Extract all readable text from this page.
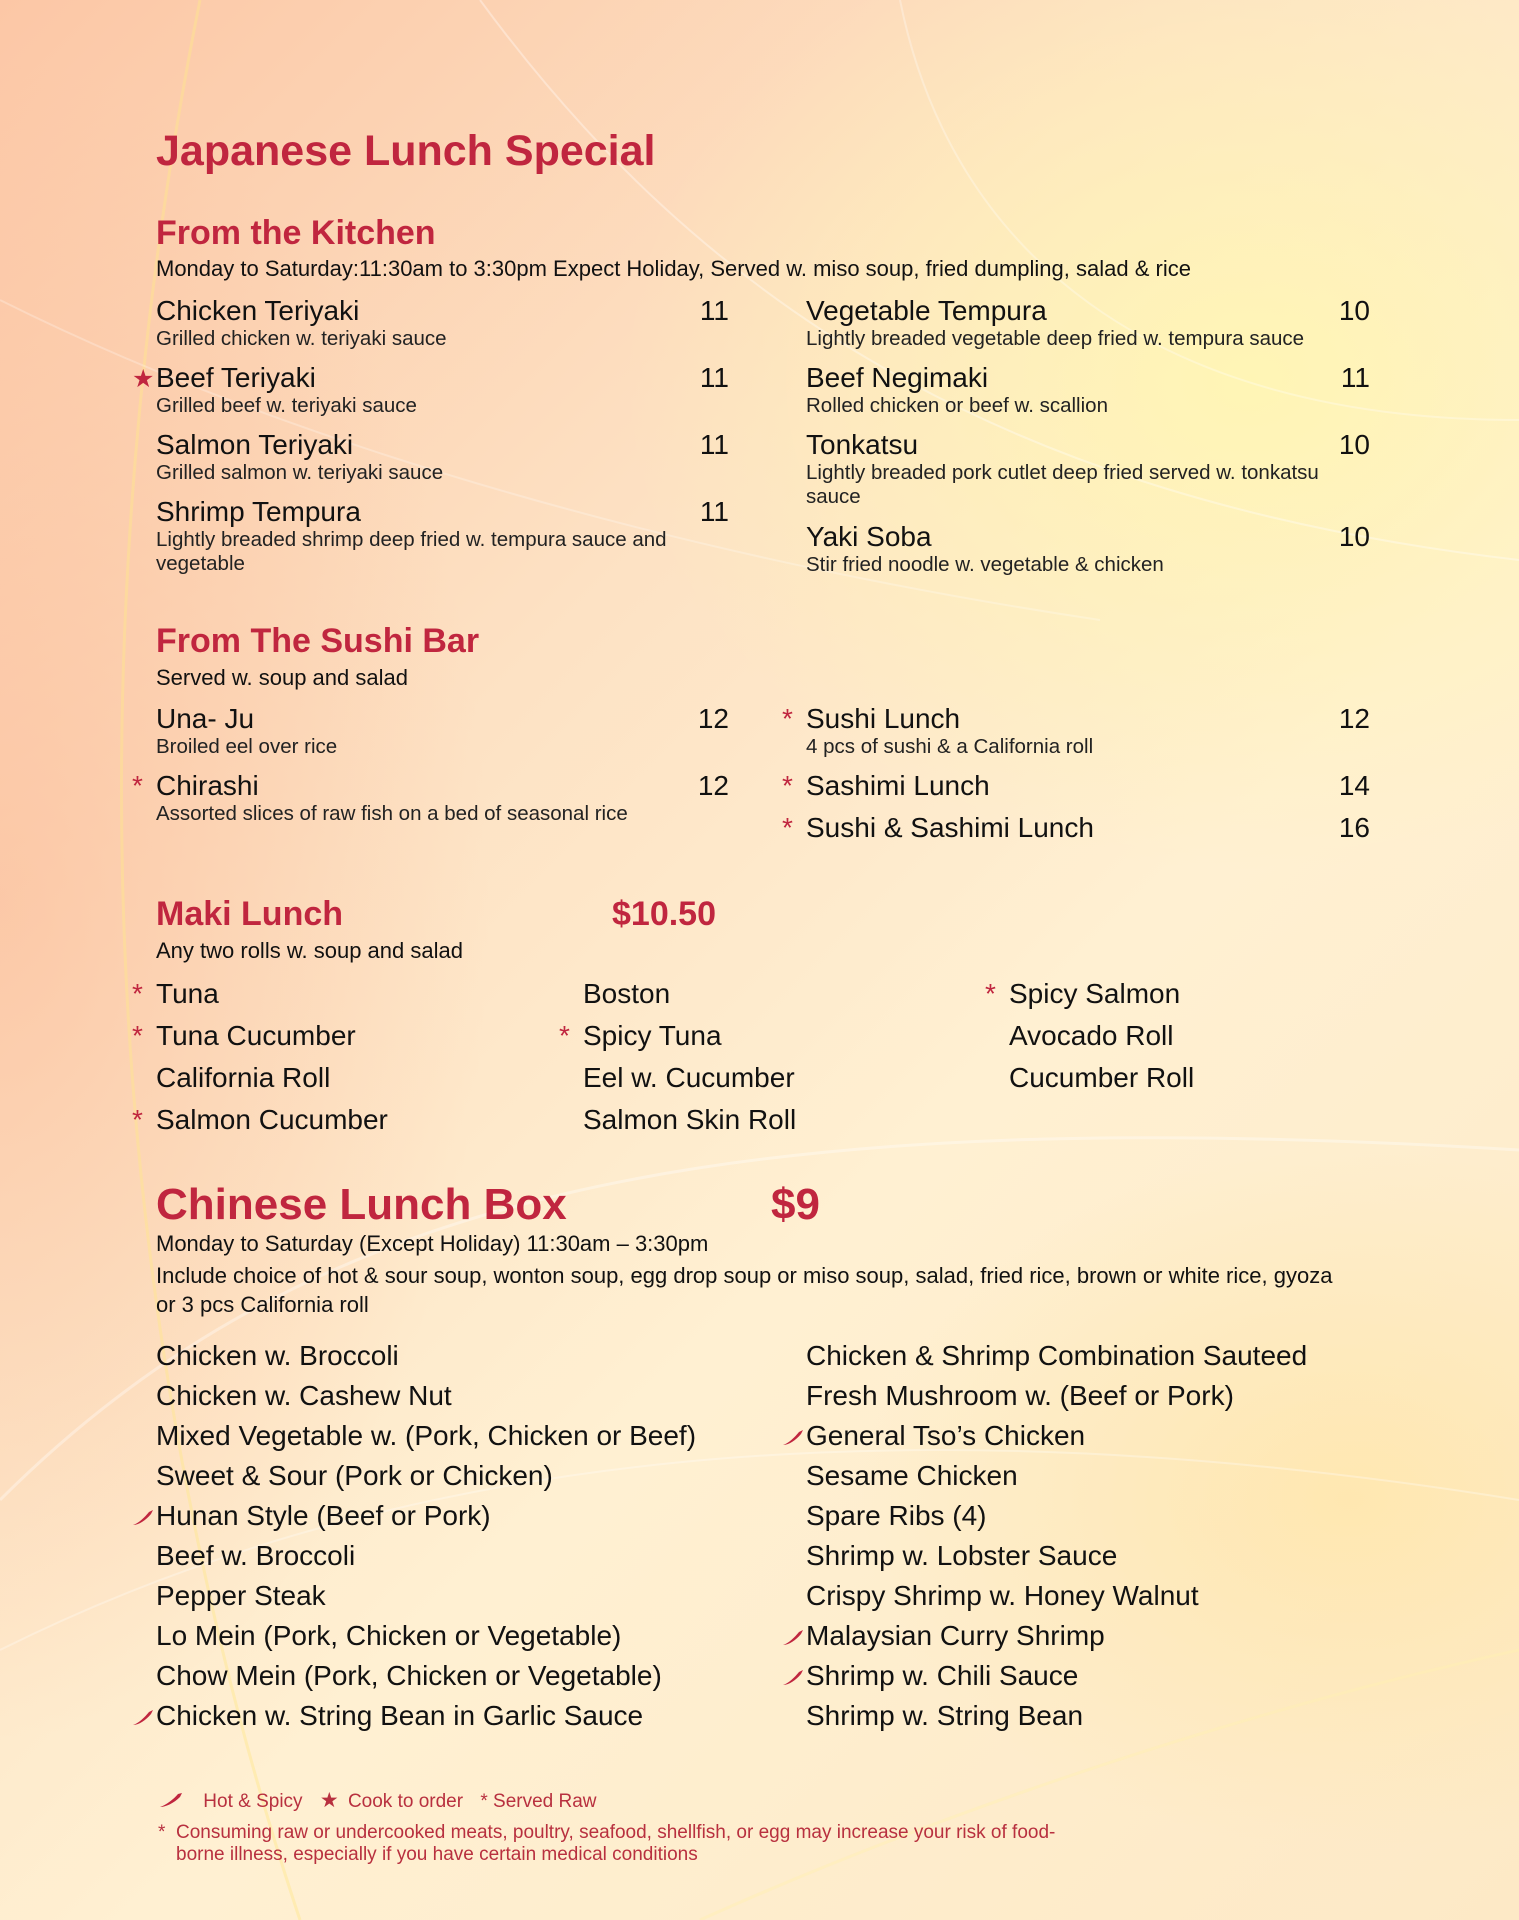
Japanese Lunch Special
From the Kitchen
Monday to Saturday:11:30am to 3:30pm Expect Holiday, Served w. miso soup, fried dumpling, salad & rice
Chicken Teriyaki
Grilled chicken w. teriyaki sauce
11
★ Beef Teriyaki
Grilled beef w. teriyaki sauce
11
Salmon Teriyaki
Grilled salmon w. teriyaki sauce
11
Shrimp Tempura
Lightly breaded shrimp deep fried w. tempura sauce and vegetable
11
Vegetable Tempura
Lightly breaded vegetable deep fried w. tempura sauce
10
Beef Negimaki
Rolled chicken or beef w. scallion
11
Tonkatsu
Lightly breaded pork cutlet deep fried served w. tonkatsu sauce
10
Yaki Soba
Stir fried noodle w. vegetable & chicken
10
From The Sushi Bar
Served w. soup and salad
Una- Ju
Broiled eel over rice
12
* Chirashi
Assorted slices of raw fish on a bed of seasonal rice
12
* Sushi Lunch
4 pcs of sushi & a California roll
12
* Sashimi Lunch	14
* Sushi & Sashimi Lunch	16
Maki Lunch	$10.50
Any two rolls w. soup and salad
* Tuna
* Tuna Cucumber
California Roll
* Salmon Cucumber
Boston
* Spicy Tuna
Eel w. Cucumber
Salmon Skin Roll
* Spicy Salmon
Avocado Roll
Cucumber Roll
Chinese Lunch Box	$9
Monday to Saturday (Except Holiday) 11:30am – 3:30pm
Include choice of hot & sour soup, wonton soup, egg drop soup or miso soup, salad, fried rice, brown or white rice, gyoza or 3 pcs California roll
Chicken w. Broccoli
Chicken w. Cashew Nut
Mixed Vegetable w. (Pork, Chicken or Beef)
Sweet & Sour (Pork or Chicken)
Hunan Style (Beef or Pork)
Beef w. Broccoli
Pepper Steak
Lo Mein (Pork, Chicken or Vegetable)
Chow Mein (Pork, Chicken or Vegetable)
Chicken w. String Bean in Garlic Sauce
Chicken & Shrimp Combination Sauteed
Fresh Mushroom w. (Beef or Pork)
General Tso’s Chicken
Sesame Chicken
Spare Ribs (4)
Shrimp w. Lobster Sauce
Crispy Shrimp w. Honey Walnut
Malaysian Curry Shrimp
Shrimp w. Chili Sauce
Shrimp w. String Bean
Hot & Spicy ★ Cook to order * Served Raw
* Consuming raw or undercooked meats, poultry, seafood, shellfish, or egg may increase your risk of food-borne illness, especially if you have certain medical conditions
